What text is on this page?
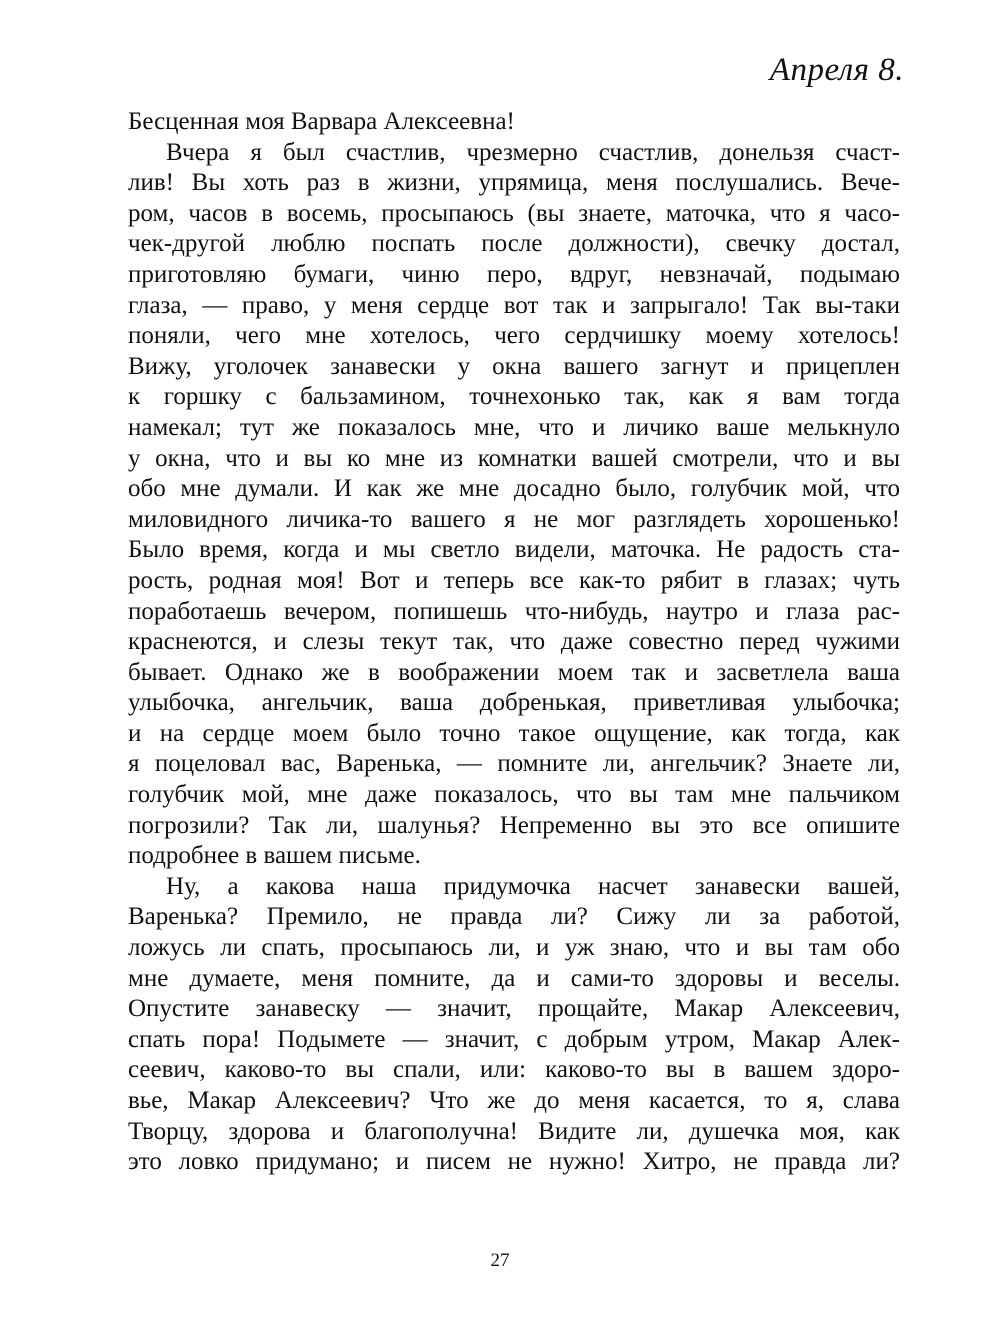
Апреля 8.
Бесценная моя Варвара Алексеевна!
Вчера я был счастлив, чрезмерно счастлив, донельзя счаст-
лив! Вы хоть раз в жизни, упрямица, меня послушались. Вече-
ром, часов в восемь, просыпаюсь (вы знаете, маточка, что я часо-
чек-другой люблю поспать после должности), свечку достал,
приготовляю бумаги, чиню перо, вдруг, невзначай, подымаю
глаза, — право, у меня сердце вот так и запрыгало! Так вы-таки
поняли, чего мне хотелось, чего сердчишку моему хотелось!
Вижу, уголочек занавески у окна вашего загнут и прицеплен
к горшку с бальзамином, точнехонько так, как я вам тогда
намекал; тут же показалось мне, что и личико ваше мелькнуло
у окна, что и вы ко мне из комнатки вашей смотрели, что и вы
обо мне думали. И как же мне досадно было, голубчик мой, что
миловидного личика-то вашего я не мог разглядеть хорошенько!
Было время, когда и мы светло видели, маточка. Не радость ста-
рость, родная моя! Вот и теперь все как-то рябит в глазах; чуть
поработаешь вечером, попишешь что-нибудь, наутро и глаза рас-
краснеются, и слезы текут так, что даже совестно перед чужими
бывает. Однако же в воображении моем так и засветлела ваша
улыбочка, ангельчик, ваша добренькая, приветливая улыбочка;
и на сердце моем было точно такое ощущение, как тогда, как
я поцеловал вас, Варенька, — помните ли, ангельчик? Знаете ли,
голубчик мой, мне даже показалось, что вы там мне пальчиком
погрозили? Так ли, шалунья? Непременно вы это все опишите
подробнее в вашем письме.
Ну, а какова наша придумочка насчет занавески вашей,
Варенька? Премило, не правда ли? Сижу ли за работой,
ложусь ли спать, просыпаюсь ли, и уж знаю, что и вы там обо
мне думаете, меня помните, да и сами-то здоровы и веселы.
Опустите занавеску — значит, прощайте, Макар Алексеевич,
спать пора! Подымете — значит, с добрым утром, Макар Алек-
сеевич, каково-то вы спали, или: каково-то вы в вашем здоро-
вье, Макар Алексеевич? Что же до меня касается, то я, слава
Творцу, здорова и благополучна! Видите ли, душечка моя, как
это ловко придумано; и писем не нужно! Хитро, не правда ли?
27
